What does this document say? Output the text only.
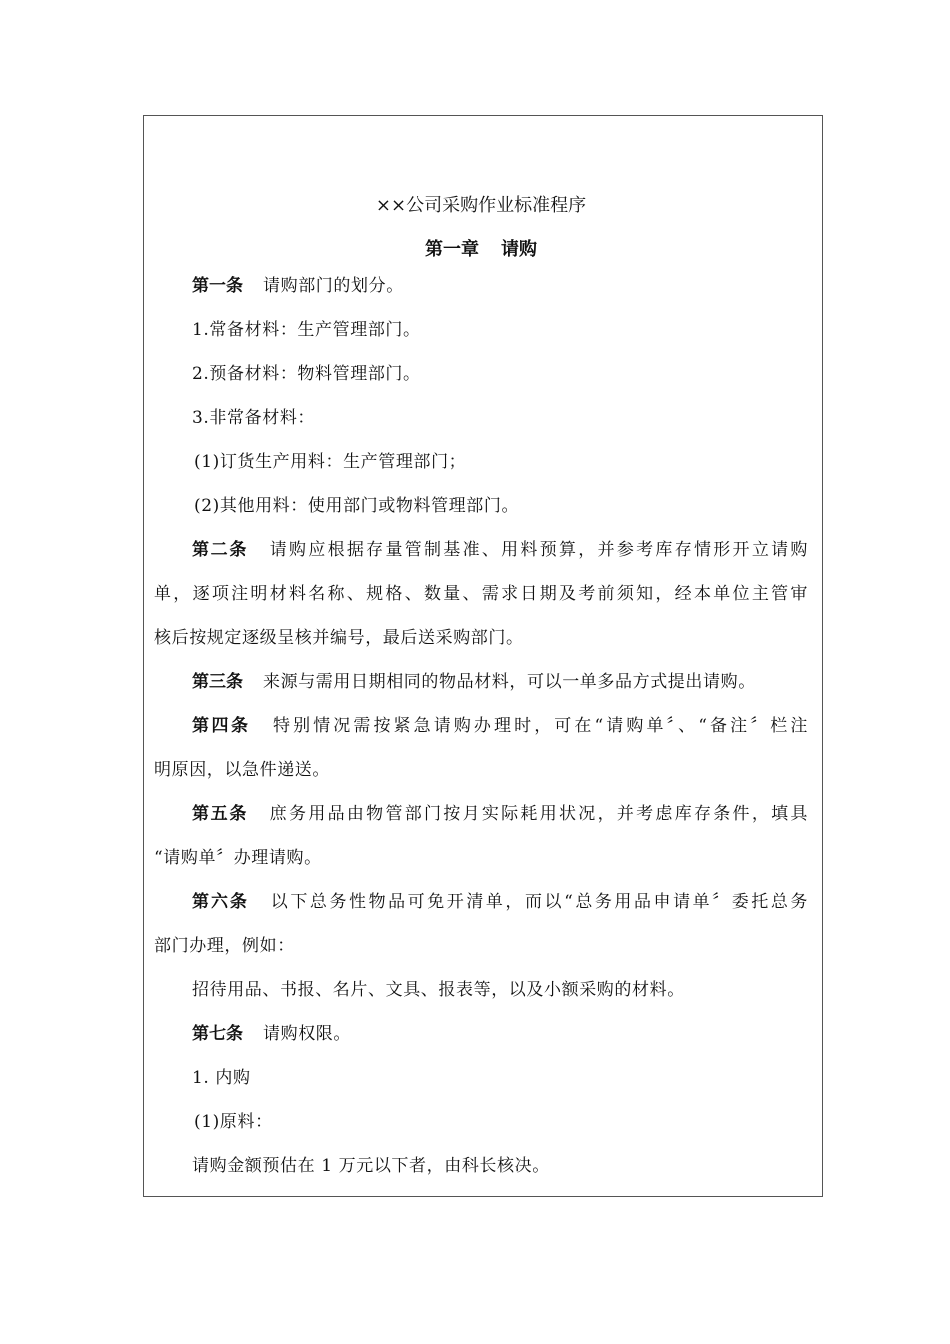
××公司采购作业标准程序
第一章 请购
第一条 请购部门的划分。
1.常备材料：生产管理部门。
2.预备材料：物料管理部门。
3.非常备材料：
(1)订货生产用料：生产管理部门；
(2)其他用料：使用部门或物料管理部门。
第二条 请购应根据存量管制基准、用料预算，并参考库存情形开立请购
单，逐项注明材料名称、规格、数量、需求日期及考前须知，经本单位主管审
核后按规定逐级呈核并编号，最后送采购部门。
第三条 来源与需用日期相同的物品材料，可以一单多品方式提出请购。
第四条 特别情况需按紧急请购办理时，可在“请购单〞、“备注〞栏注
明原因，以急件递送。
第五条 庶务用品由物管部门按月实际耗用状况，并考虑库存条件，填具
“请购单〞办理请购。
第六条 以下总务性物品可免开清单，而以“总务用品申请单〞委托总务
部门办理，例如：
招待用品、书报、名片、文具、报表等，以及小额采购的材料。
第七条 请购权限。
1. 内购
(1)原料：
请购金额预估在 1 万元以下者，由科长核决。
